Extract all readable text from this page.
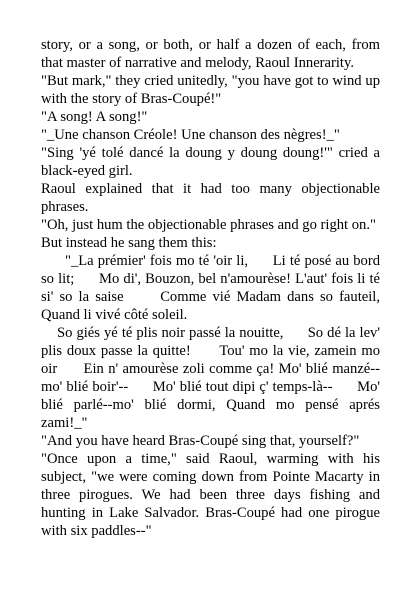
story, or a song, or both, or half a dozen of each, from that master of narrative and melody, Raoul Innerarity.

"But mark," they cried unitedly, "you have got to wind up with the story of Bras-Coupé!"

"A song! A song!"

"_Une chanson Créole! Une chanson des nègres!_"

"Sing 'yé tolé dancé la doung y doung doung!'" cried a black-eyed girl.

Raoul explained that it had too many objectionable phrases.

"Oh, just hum the objectionable phrases and go right on."

But instead he sang them this:

"_La prémier' fois mo té 'oir li,      Li té posé au bord so lit;      Mo di', Bouzon, bel n'amourèse! L'aut' fois li té si' so la saise      Comme vié Madam dans so fauteil,      Quand li vivé côté soleil.

So giés yé té plis noir passé la nouitte,      So dé la lev' plis doux passe la quitte!      Tou' mo la vie, zamein mo oir      Ein n' amourèse zoli comme ça! Mo' blié manzé--mo' blié boir'--      Mo' blié tout dipi ç' temps-là--      Mo' blié parlé--mo' blié dormi, Quand mo pensé aprés zami!_"

"And you have heard Bras-Coupé sing that, yourself?"

"Once upon a time," said Raoul, warming with his subject, "we were coming down from Pointe Macarty in three pirogues. We had been three days fishing and hunting in Lake Salvador. Bras-Coupé had one pirogue with six paddles--"
